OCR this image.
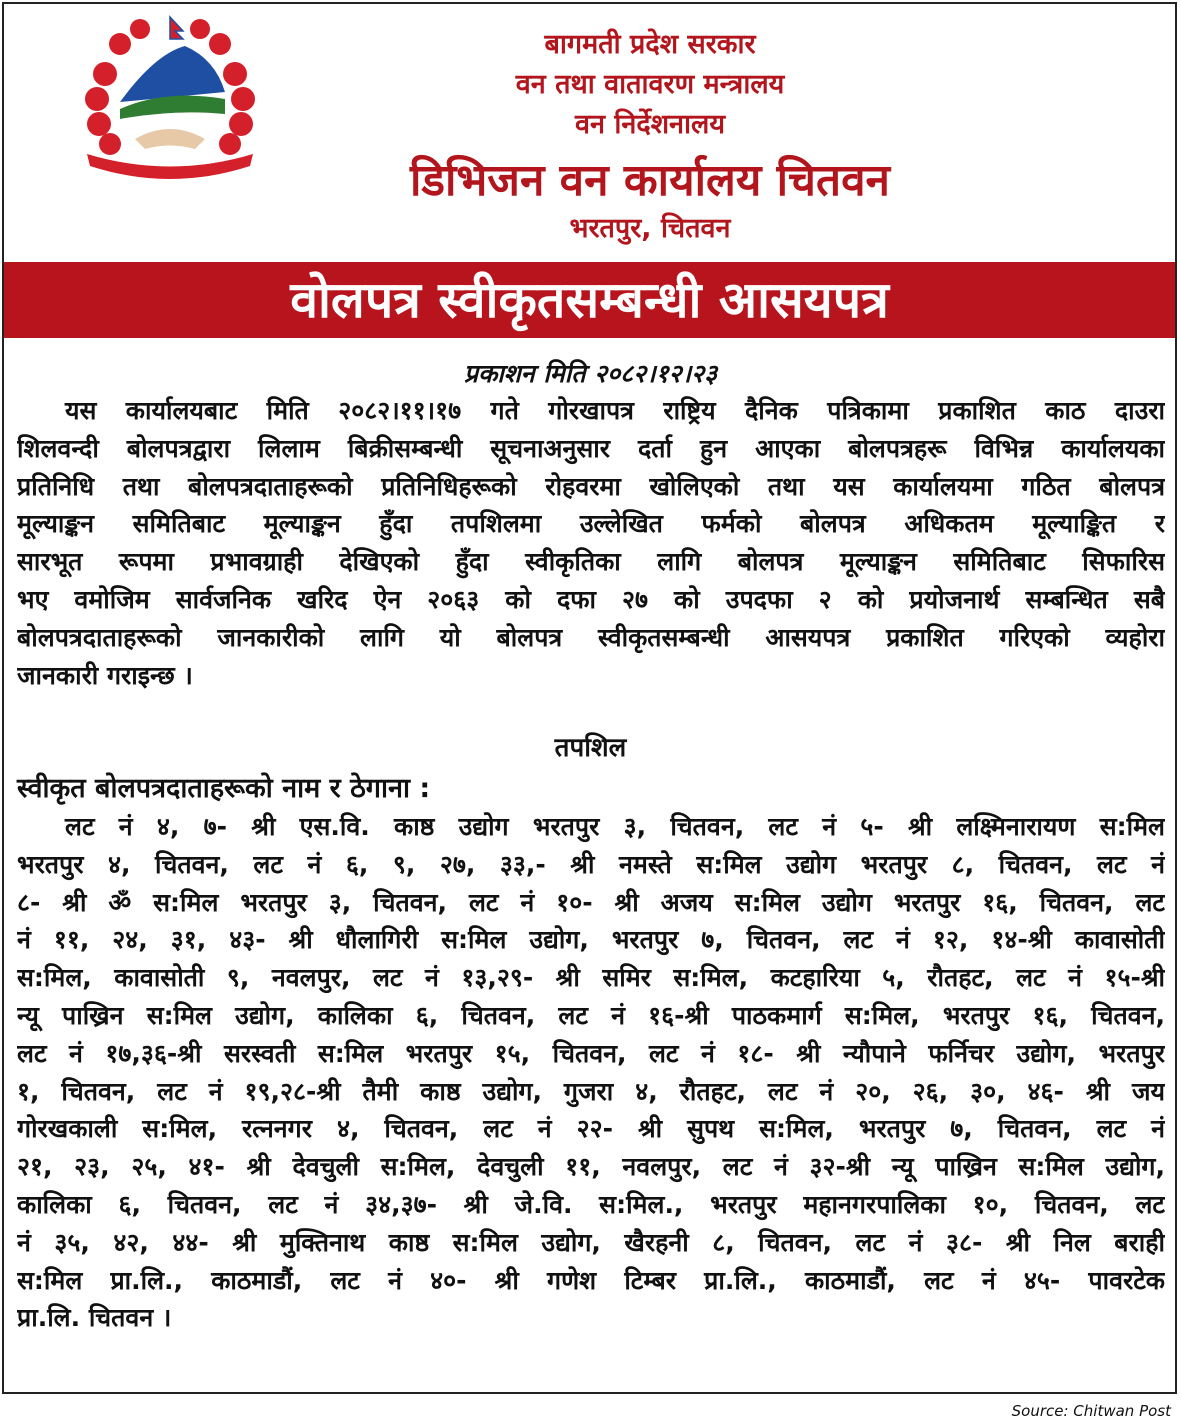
बागमती प्रदेश सरकार
वन तथा वातावरण मन्त्रालय
वन निर्देशनालय
डिभिजन वन कार्यालय चितवन
भरतपुर, चितवन
वोलपत्र स्वीकृतसम्बन्धी आसयपत्र
प्रकाशन मिति २०८२।१२।२३
यस कार्यालयबाट मिति २०८२।११।१७ गते गोरखापत्र राष्ट्रिय दैनिक पत्रिकामा प्रकाशित काठ दाउरा
शिलवन्दी बोलपत्रद्वारा लिलाम बिक्रीसम्बन्धी सूचनाअनुसार दर्ता हुन आएका बोलपत्रहरू विभिन्न कार्यालयका
प्रतिनिधि तथा बोलपत्रदाताहरूको प्रतिनिधिहरूको रोहवरमा खोलिएको तथा यस कार्यालयमा गठित बोलपत्र
मूल्याङ्कन समितिबाट मूल्याङ्कन हुँदा तपशिलमा उल्लेखित फर्मको बोलपत्र अधिकतम मूल्याङ्कित र
सारभूत रूपमा प्रभावग्राही देखिएको हुँदा स्वीकृतिका लागि बोलपत्र मूल्याङ्कन समितिबाट सिफारिस
भए वमोजिम सार्वजनिक खरिद ऐन २०६३ को दफा २७ को उपदफा २ को प्रयोजनार्थ सम्बन्धित सबै
बोलपत्रदाताहरूको जानकारीको लागि यो बोलपत्र स्वीकृतसम्बन्धी आसयपत्र प्रकाशित गरिएको व्यहोरा
जानकारी गराइन्छ ।
तपशिल
स्वीकृत बोलपत्रदाताहरूको नाम र ठेगाना :
लट नं ४, ७- श्री एस.वि. काष्ठ उद्योग भरतपुर ३, चितवन, लट नं ५- श्री लक्ष्मिनारायण स:मिल
भरतपुर ४, चितवन, लट नं ६, ९, २७, ३३,- श्री नमस्ते स:मिल उद्योग भरतपुर ८, चितवन, लट नं
८- श्री ॐ स:मिल भरतपुर ३, चितवन, लट नं १०- श्री अजय स:मिल उद्योग भरतपुर १६, चितवन, लट
नं ११, २४, ३१, ४३- श्री धौलागिरी स:मिल उद्योग, भरतपुर ७, चितवन, लट नं १२, १४-श्री कावासोती
स:मिल, कावासोती ९, नवलपुर, लट नं १३,२९- श्री समिर स:मिल, कटहारिया ५, रौतहट, लट नं १५-श्री
न्यू पाख्रिन स:मिल उद्योग, कालिका ६, चितवन, लट नं १६-श्री पाठकमार्ग स:मिल, भरतपुर १६, चितवन,
लट नं १७,३६-श्री सरस्वती स:मिल भरतपुर १५, चितवन, लट नं १८- श्री न्यौपाने फर्निचर उद्योग, भरतपुर
१, चितवन, लट नं १९,२८-श्री तैमी काष्ठ उद्योग, गुजरा ४, रौतहट, लट नं २०, २६, ३०, ४६- श्री जय
गोरखकाली स:मिल, रत्ननगर ४, चितवन, लट नं २२- श्री सुपथ स:मिल, भरतपुर ७, चितवन, लट नं
२१, २३, २५, ४१- श्री देवचुली स:मिल, देवचुली ११, नवलपुर, लट नं ३२-श्री न्यू पाख्रिन स:मिल उद्योग,
कालिका ६, चितवन, लट नं ३४,३७- श्री जे.वि. स:मिल., भरतपुर महानगरपालिका १०, चितवन, लट
नं ३५, ४२, ४४- श्री मुक्तिनाथ काष्ठ स:मिल उद्योग, खैरहनी ८, चितवन, लट नं ३८- श्री निल बराही
स:मिल प्रा.लि., काठमाडौं, लट नं ४०- श्री गणेश टिम्बर प्रा.लि., काठमाडौं, लट नं ४५- पावरटेक
प्रा.लि. चितवन ।
Source: Chitwan Post
